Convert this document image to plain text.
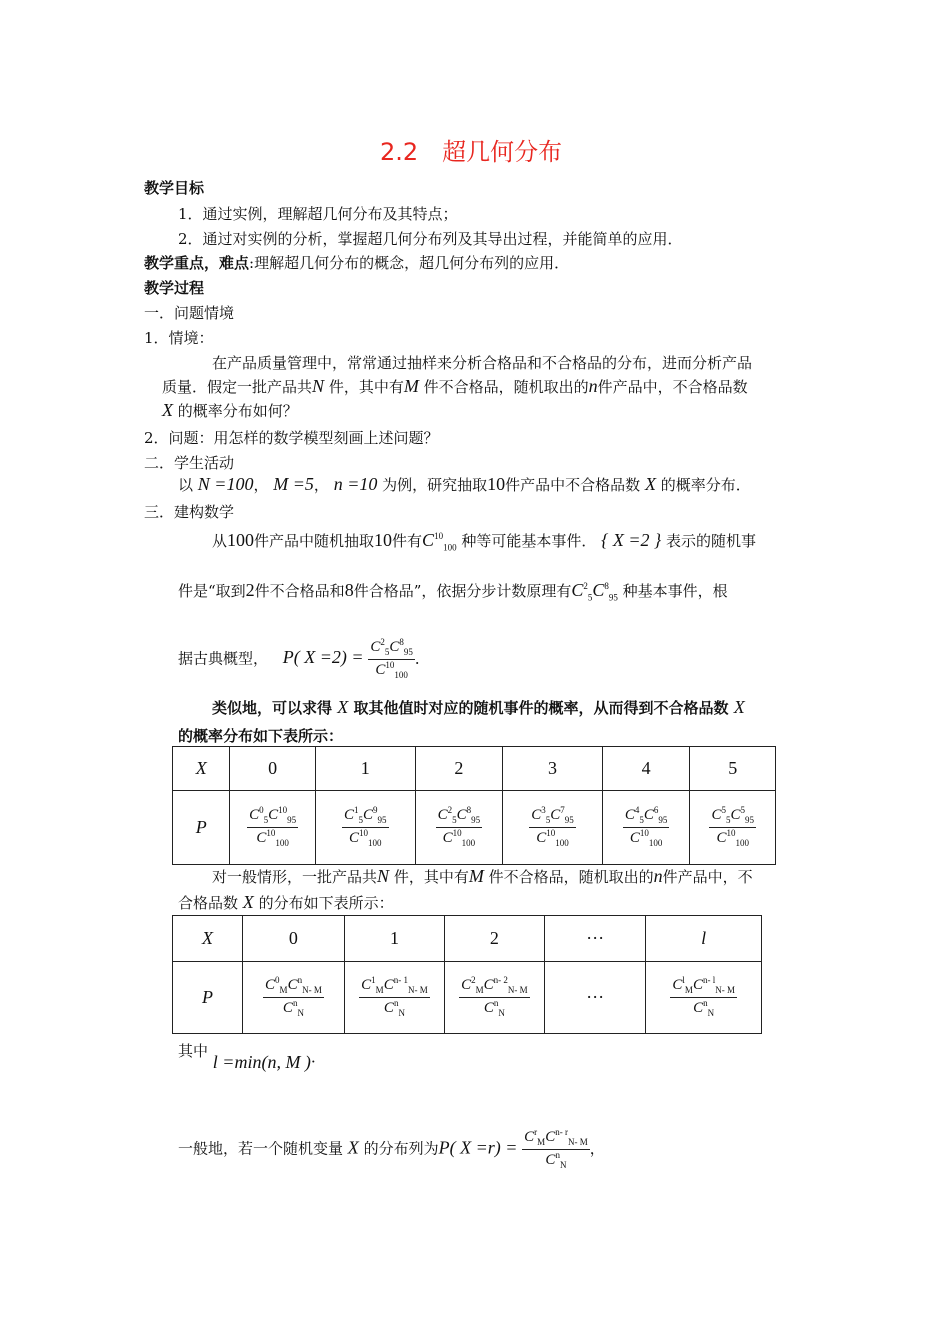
2.2　超几何分布
教学目标
1．通过实例，理解超几何分布及其特点；
2．通过对实例的分析，掌握超几何分布列及其导出过程，并能简单的应用．
教学重点，难点:理解超几何分布的概念，超几何分布列的应用．
教学过程
一．问题情境
1．情境：
在产品质量管理中，常常通过抽样来分析合格品和不合格品的分布，进而分析产品
质量．假定一批产品共N 件，其中有M 件不合格品，随机取出的n件产品中，不合格品数
X 的概率分布如何？
2．问题：用怎样的数学模型刻画上述问题？
二．学生活动
以 N =100， M =5， n =10 为例，研究抽取10件产品中不合格品数 X 的概率分布．
三．建构数学
从100件产品中随机抽取10件有$C^{10}_{100}$ 种等可能基本事件． { X =2 } 表示的随机事
件是“取到2件不合格品和8件合格品”，依据分步计数原理有$C^2_5C^8_{95}$ 种基本事件，根
据古典概型， P( $X =2) = \frac{C^2_5C^8_{95}}{C^{10}_{100}}$ ．
类似地，可以求得 X 取其他值时对应的随机事件的概率，从而得到不合格品数 X
的概率分布如下表所示：
X	0	1	2	3	4	5
P	$\frac{C^0_5C^{10}_{95}}{C^{10}_{100}}$	$\frac{C^1_5C^9_{95}}{C^{10}_{100}}$	$\frac{C^2_5C^8_{95}}{C^{10}_{100}}$	$\frac{C^3_5C^7_{95}}{C^{10}_{100}}$	$\frac{C^4_5C^6_{95}}{C^{10}_{100}}$	$\frac{C^5_5C^5_{95}}{C^{10}_{100}}$
对一般情形，一批产品共N 件，其中有M 件不合格品，随机取出的n件产品中，不
合格品数 X 的分布如下表所示：
X	0	1	2	···	l
P	$\frac{C^0_MC^n_{N- M}}{C^n_N}$	$\frac{C^1_MC^{n- 1}_{N- M}}{C^n_N}$	$\frac{C^2_MC^{n- 2}_{N- M}}{C^n_N}$	···	$\frac{C^l_MC^{n- l}_{N- M}}{C^n_N}$
其中 l =min(n, M )．
一般地，若一个随机变量 X 的分布列为P( $X =r) = \frac{C^r_MC^{n- r}_{N- M}}{C^n_N}$ ，
